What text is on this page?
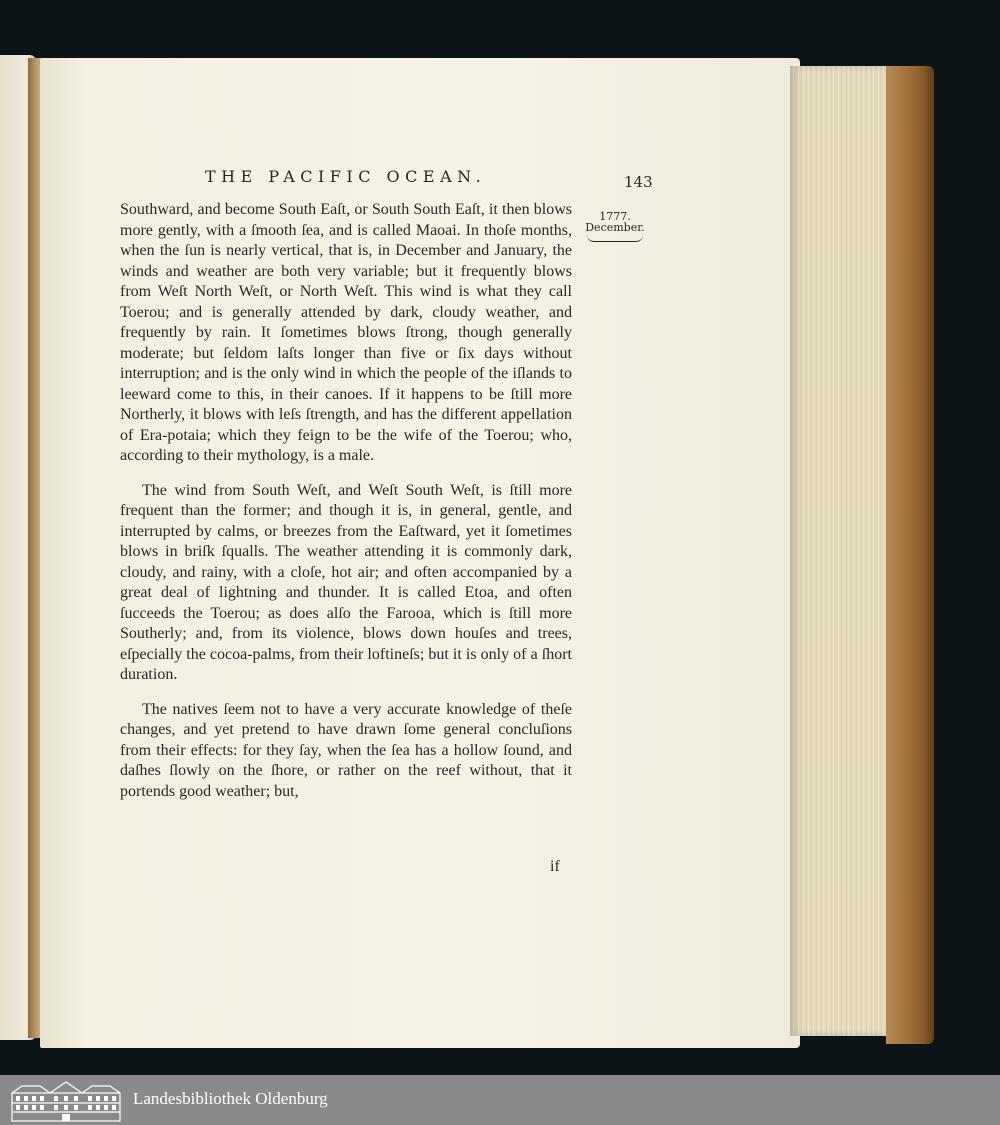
THE PACIFIC OCEAN.	143
1777.
December.

Southward, and become South Eaſt, or South South Eaſt, it then blows more gently, with a ſmooth ſea, and is called Maoai. In thoſe months, when the ſun is nearly vertical, that is, in December and January, the winds and weather are both very variable; but it frequently blows from Weſt North Weſt, or North Weſt. This wind is what they call Toerou; and is generally attended by dark, cloudy weather, and frequently by rain. It ſometimes blows ſtrong, though generally moderate; but ſeldom laſts longer than five or ſix days without interruption; and is the only wind in which the people of the iſlands to leeward come to this, in their canoes. If it happens to be ſtill more Northerly, it blows with leſs ſtrength, and has the different appellation of Era-potaia; which they feign to be the wife of the Toerou; who, according to their mythology, is a male.

The wind from South Weſt, and Weſt South Weſt, is ſtill more frequent than the former; and though it is, in general, gentle, and interrupted by calms, or breezes from the Eaſtward, yet it ſometimes blows in briſk ſqualls. The weather attending it is commonly dark, cloudy, and rainy, with a cloſe, hot air; and often accompanied by a great deal of lightning and thunder. It is called Etoa, and often ſucceeds the Toerou; as does alſo the Farooa, which is ſtill more Southerly; and, from its violence, blows down houſes and trees, eſpecially the cocoa-palms, from their loftineſs; but it is only of a ſhort duration.

The natives ſeem not to have a very accurate knowledge of theſe changes, and yet pretend to have drawn ſome general concluſions from their effects: for they ſay, when the ſea has a hollow ſound, and daſhes ſlowly on the ſhore, or rather on the reef without, that it portends good weather; but,

if
Landesbibliothek Oldenburg
